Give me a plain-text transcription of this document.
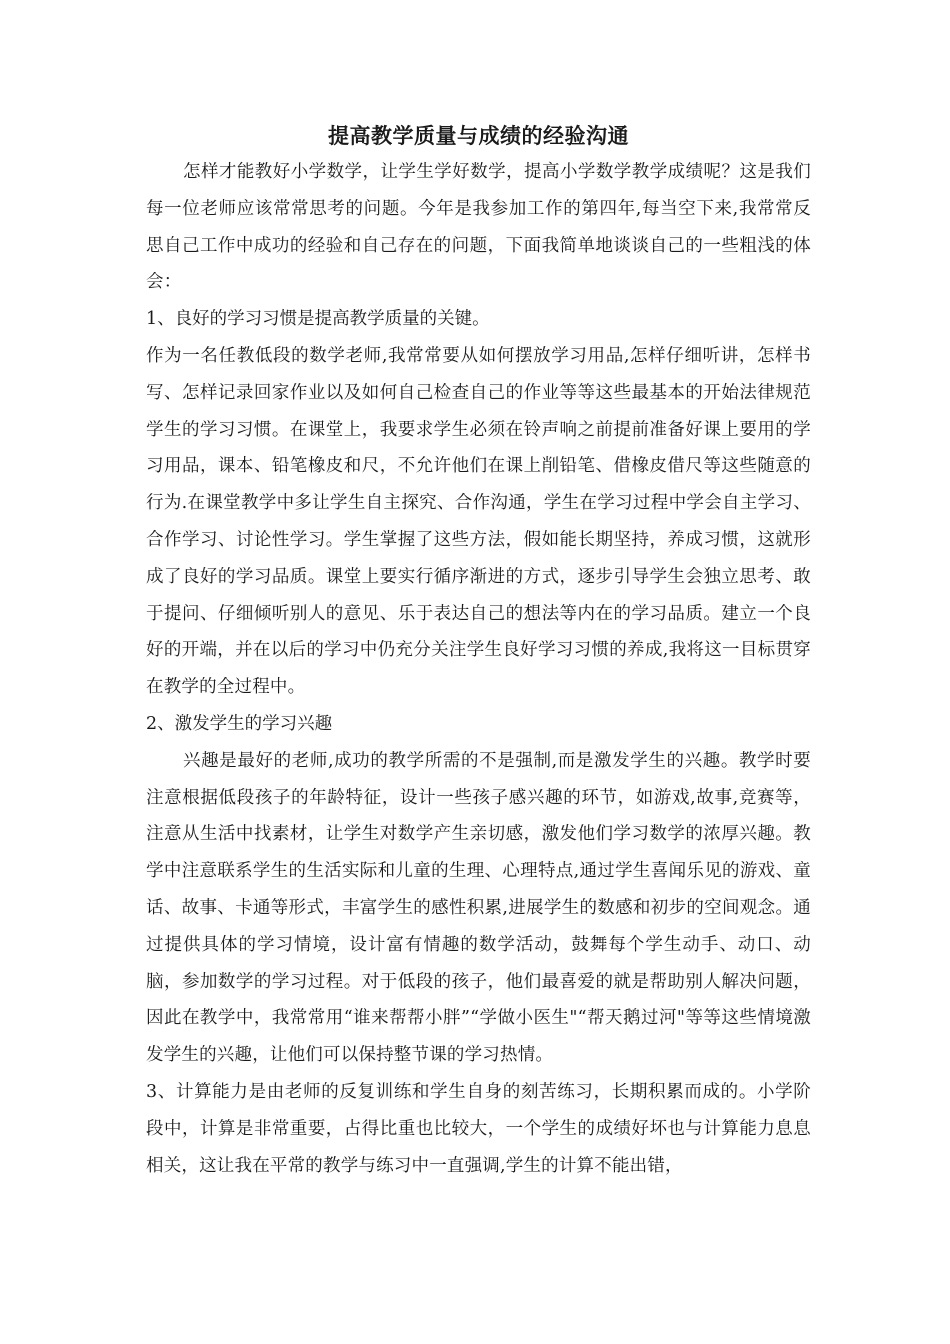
提高教学质量与成绩的经验沟通

怎样才能教好小学数学，让学生学好数学，提高小学数学教学成绩呢？这是我们每一位老师应该常常思考的问题。今年是我参加工作的第四年,每当空下来,我常常反思自己工作中成功的经验和自己存在的问题，下面我简单地谈谈自己的一些粗浅的体会：

1、良好的学习习惯是提高教学质量的关键。

作为一名任教低段的数学老师,我常常要从如何摆放学习用品,怎样仔细听讲，怎样书写、怎样记录回家作业以及如何自己检查自己的作业等等这些最基本的开始法律规范学生的学习习惯。在课堂上，我要求学生必须在铃声响之前提前准备好课上要用的学习用品，课本、铅笔橡皮和尺，不允许他们在课上削铅笔、借橡皮借尺等这些随意的行为.在课堂教学中多让学生自主探究、合作沟通，学生在学习过程中学会自主学习、合作学习、讨论性学习。学生掌握了这些方法，假如能长期坚持，养成习惯，这就形成了良好的学习品质。课堂上要实行循序渐进的方式，逐步引导学生会独立思考、敢于提问、仔细倾听别人的意见、乐于表达自己的想法等内在的学习品质。建立一个良好的开端，并在以后的学习中仍充分关注学生良好学习习惯的养成,我将这一目标贯穿在教学的全过程中。

2、激发学生的学习兴趣

兴趣是最好的老师,成功的教学所需的不是强制,而是激发学生的兴趣。教学时要注意根据低段孩子的年龄特征，设计一些孩子感兴趣的环节，如游戏,故事,竞赛等，注意从生活中找素材，让学生对数学产生亲切感，激发他们学习数学的浓厚兴趣。教学中注意联系学生的生活实际和儿童的生理、心理特点,通过学生喜闻乐见的游戏、童话、故事、卡通等形式，丰富学生的感性积累,进展学生的数感和初步的空间观念。通过提供具体的学习情境，设计富有情趣的数学活动，鼓舞每个学生动手、动口、动脑，参加数学的学习过程。对于低段的孩子，他们最喜爱的就是帮助别人解决问题，因此在教学中，我常常用“谁来帮帮小胖”“学做小医生"“帮天鹅过河"等等这些情境激发学生的兴趣，让他们可以保持整节课的学习热情。

3、计算能力是由老师的反复训练和学生自身的刻苦练习，长期积累而成的。小学阶段中，计算是非常重要，占得比重也比较大，一个学生的成绩好坏也与计算能力息息相关，这让我在平常的教学与练习中一直强调,学生的计算不能出错，
